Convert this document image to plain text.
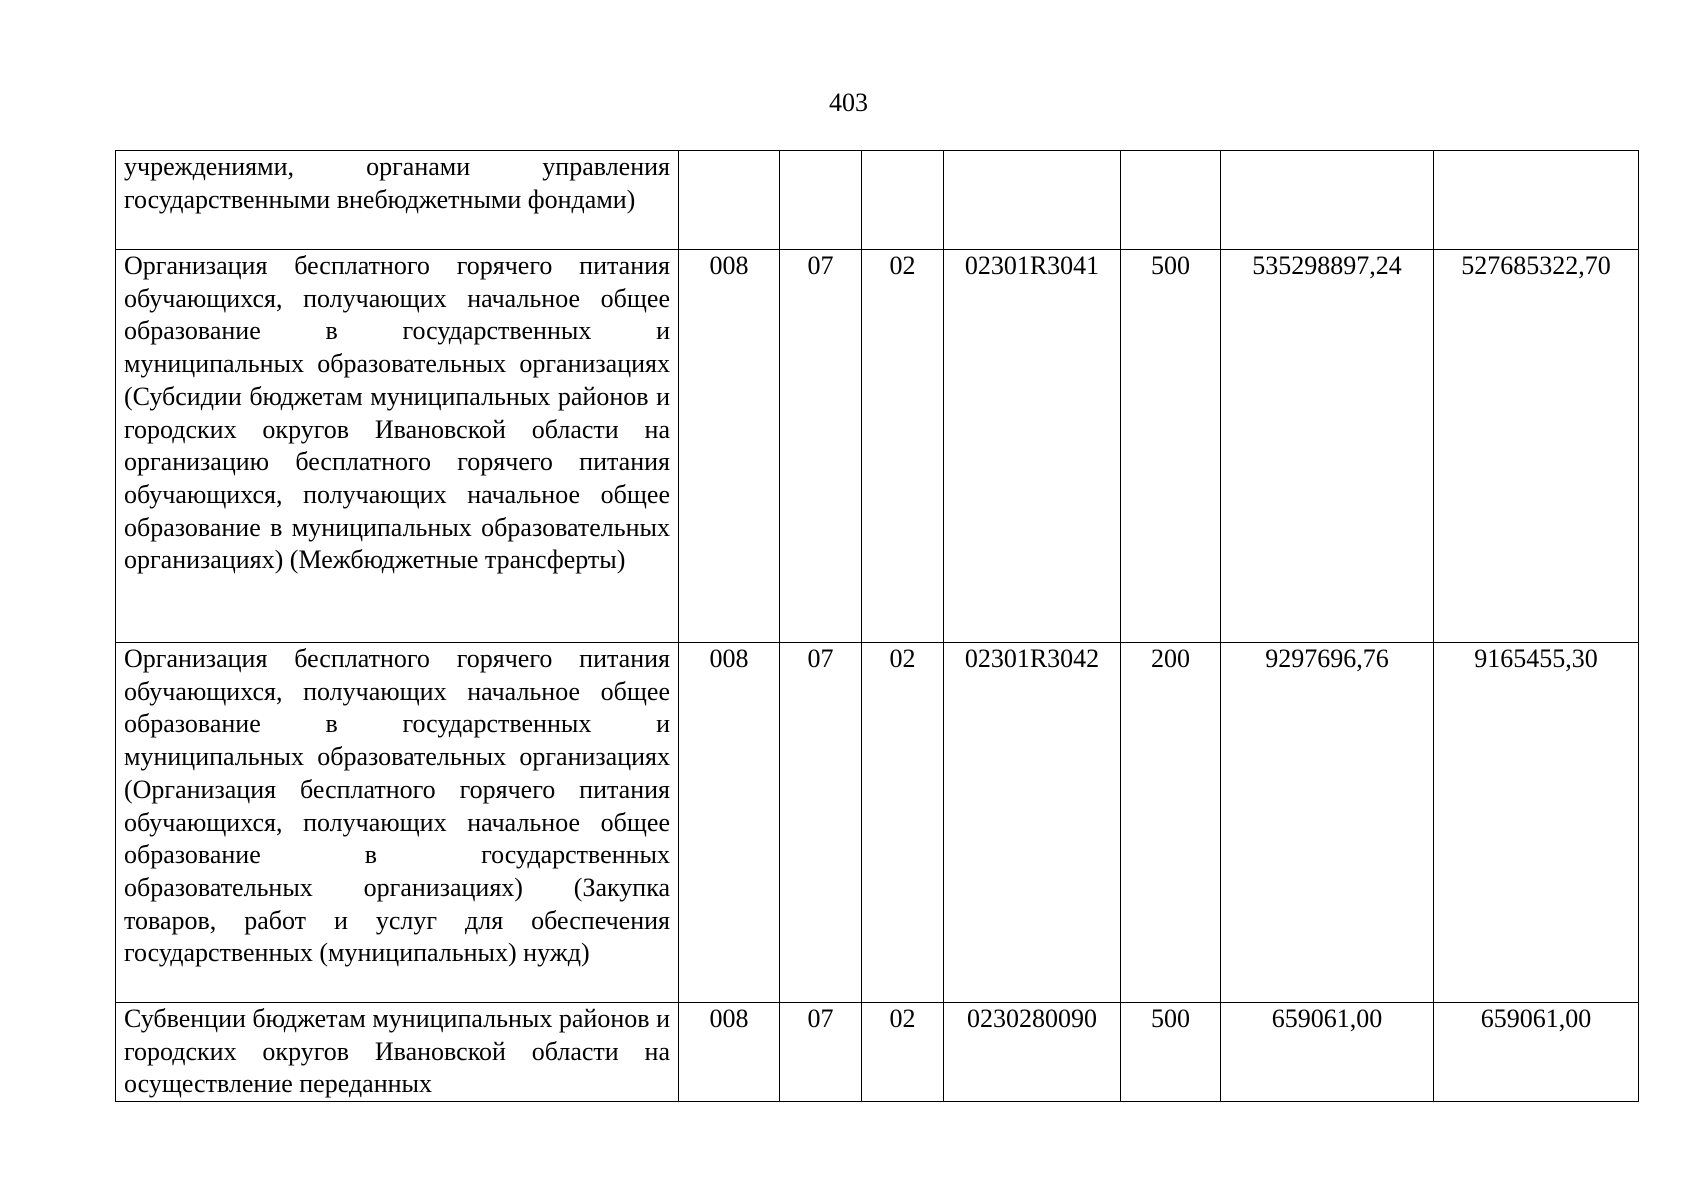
403
учреждениями, органами управления государственными внебюджетными фондами)							
Организация бесплатного горячего питания обучающихся, получающих начальное общее образование в государственных и муниципальных образовательных организациях (Субсидии бюджетам муниципальных районов и городских округов Ивановской области на организацию бесплатного горячего питания обучающихся, получающих начальное общее образование в муниципальных образовательных организациях) (Межбюджетные трансферты)	008	07	02	02301R3041	500	535298897,24	527685322,70
Организация бесплатного горячего питания обучающихся, получающих начальное общее образование в государственных и муниципальных образовательных организациях (Организация бесплатного горячего питания обучающихся, получающих начальное общее образование в государственных образовательных организациях) (Закупка товаров, работ и услуг для обеспечения государственных (муниципальных) нужд)	008	07	02	02301R3042	200	9297696,76	9165455,30
Субвенции бюджетам муниципальных районов и городских округов Ивановской области на осуществление переданных	008	07	02	0230280090	500	659061,00	659061,00
